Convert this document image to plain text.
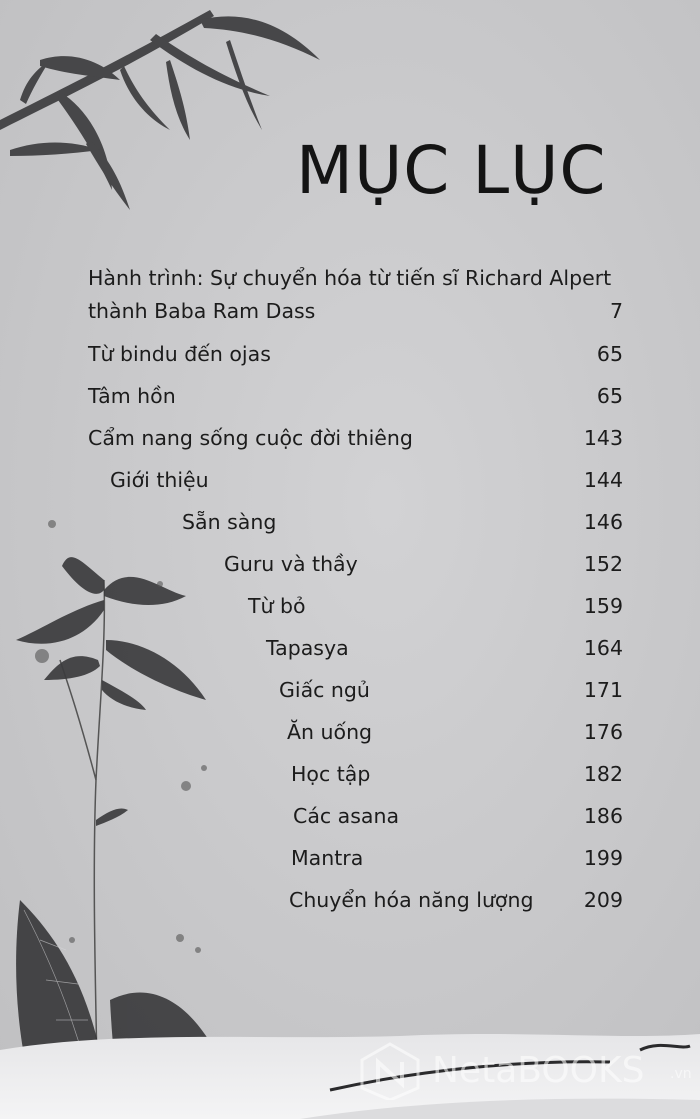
MỤC LỤC
Hành trình: Sự chuyển hóa từ tiến sĩ Richard Alpert
thành Baba Ram Dass	7
Từ bindu đến ojas	65
Tâm hồn	65
Cẩm nang sống cuộc đời thiêng	143
Giới thiệu	144
Sẵn sàng	146
Guru và thầy	152
Từ bỏ	159
Tapasya	164
Giấc ngủ	171
Ăn uống	176
Học tập	182
Các asana	186
Mantra	199
Chuyển hóa năng lượng 209
NetaBOOKS .vn
